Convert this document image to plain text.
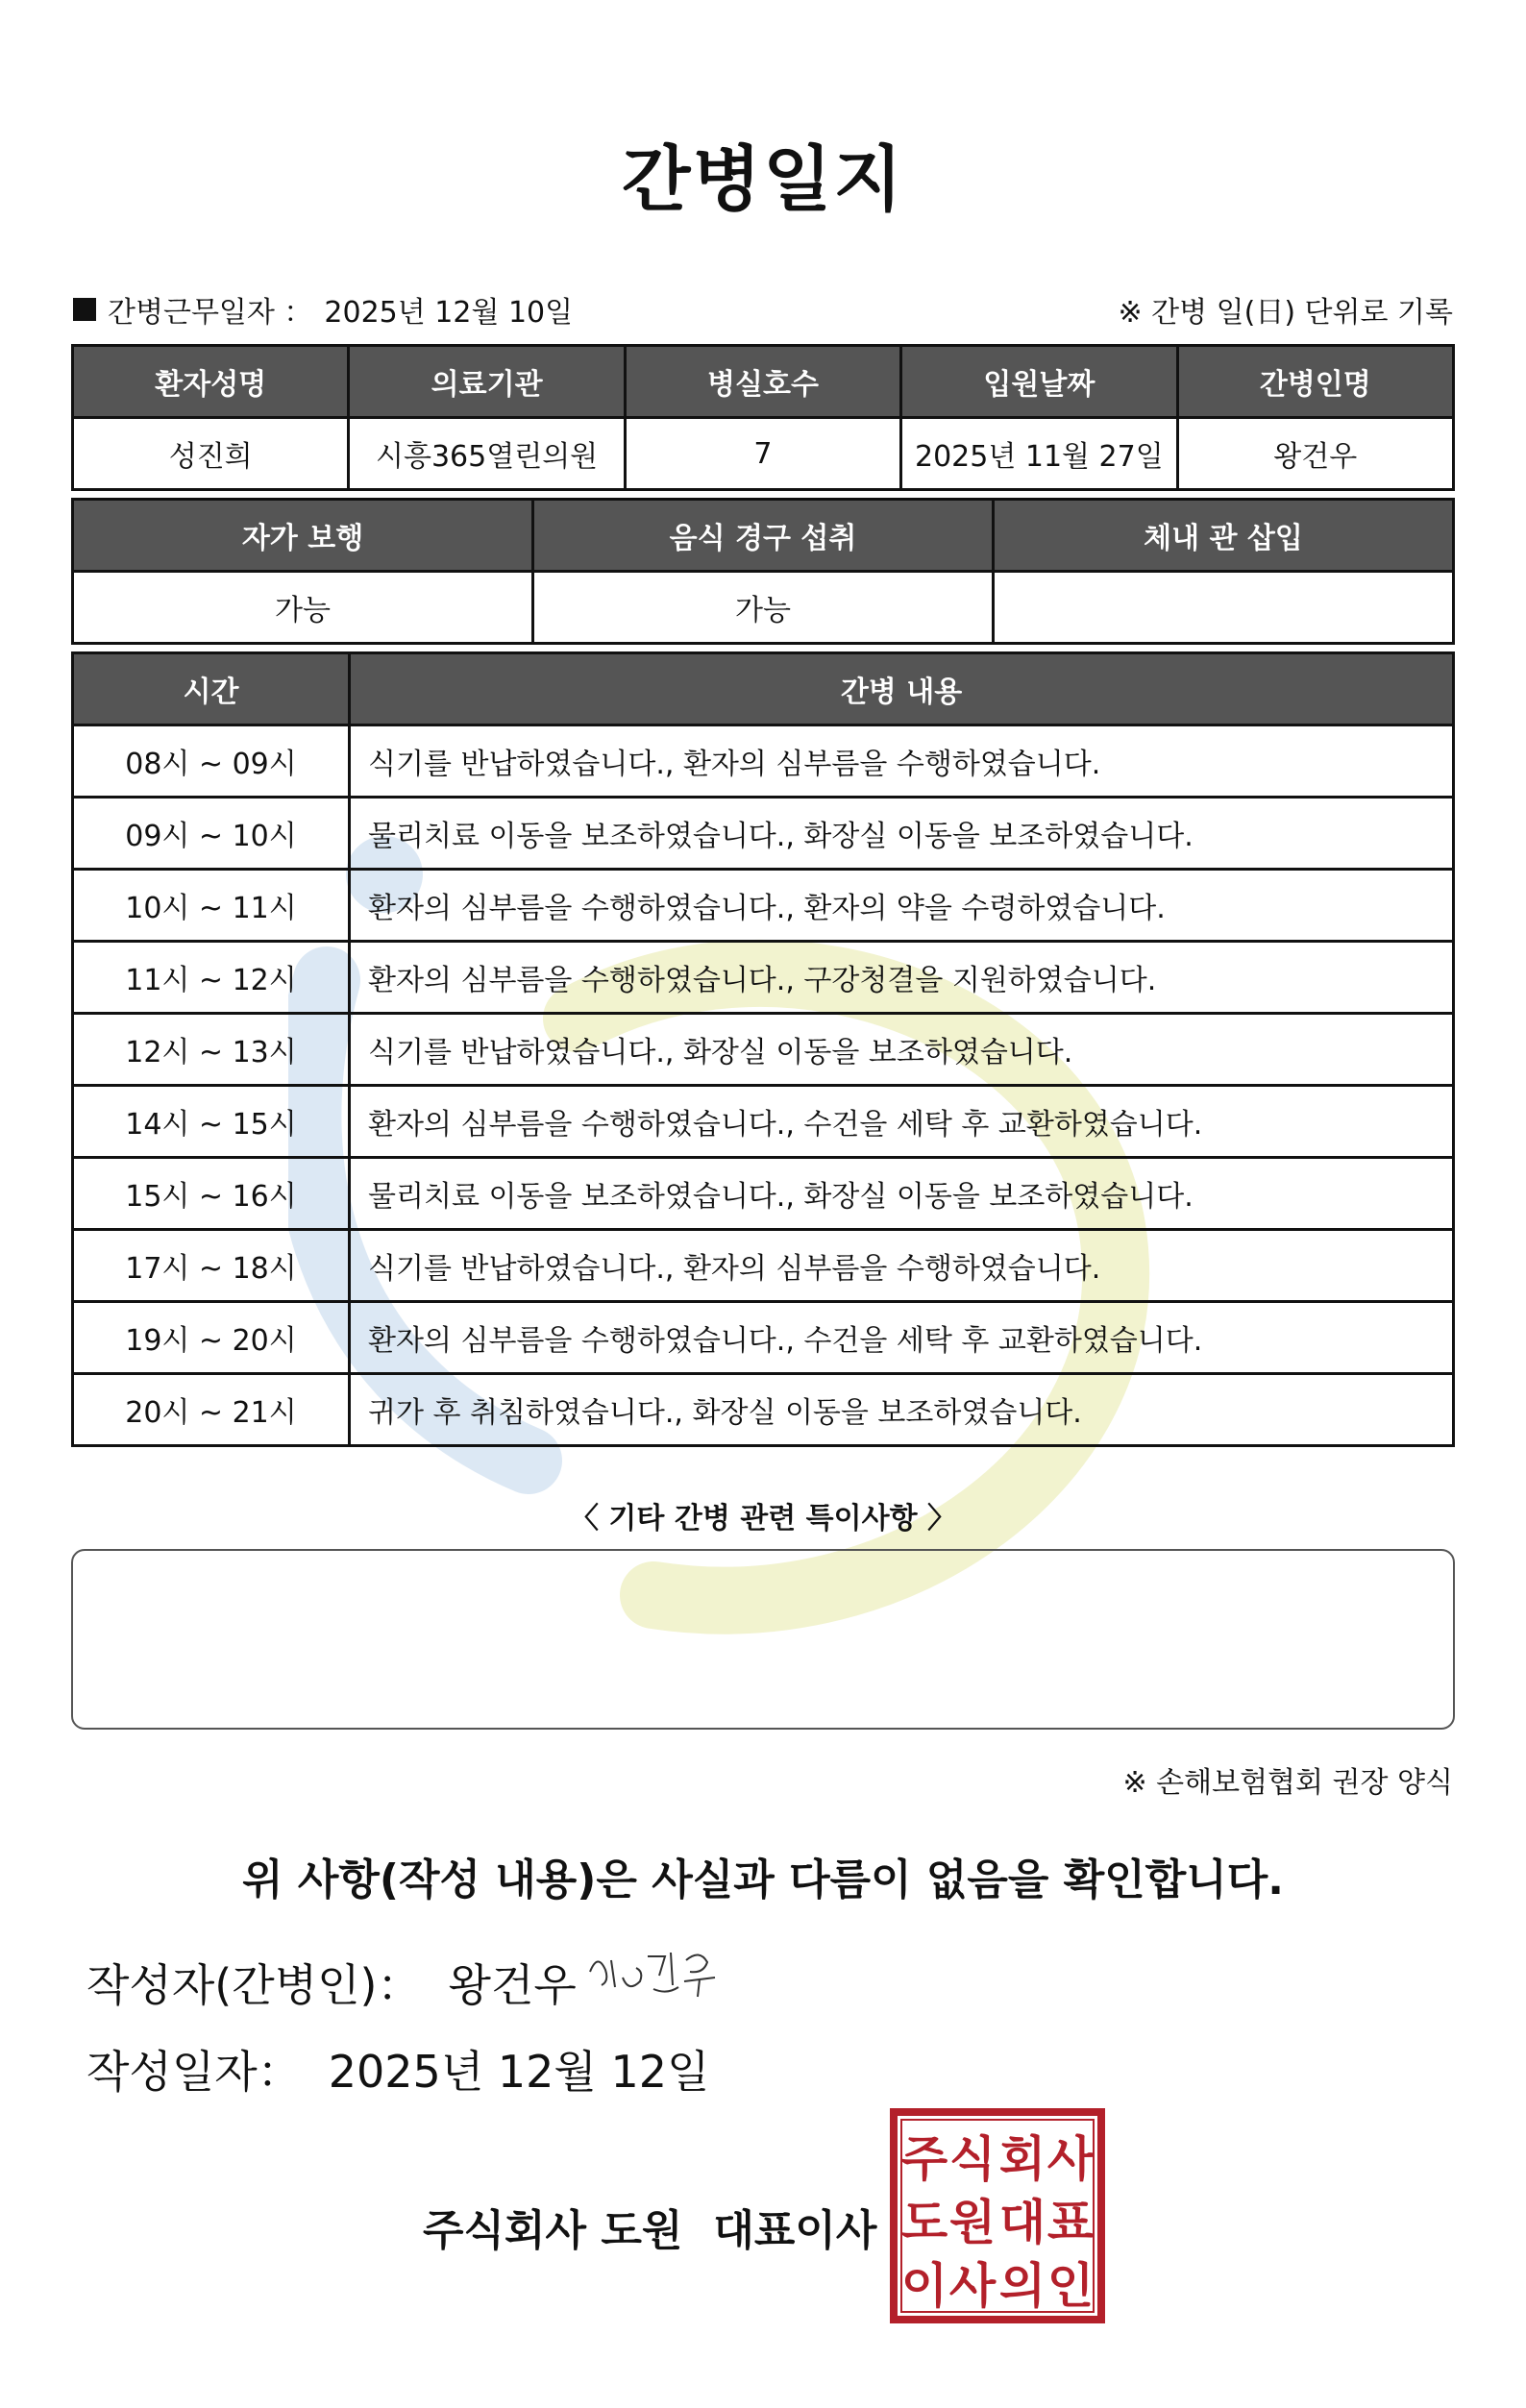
간병일지
간병근무일자 ： 2025년 12월 10일	※ 간병 일(日) 단위로 기록
환자성명	의료기관	병실호수	입원날짜	간병인명
성진희	시흥365열린의원	7	2025년 11월 27일	왕건우
자가 보행	음식 경구 섭취	체내 관 삽입
가능	가능	
시간	간병 내용
08시 ~ 09시	식기를 반납하였습니다., 환자의 심부름을 수행하였습니다.
09시 ~ 10시	물리치료 이동을 보조하였습니다., 화장실 이동을 보조하였습니다.
10시 ~ 11시	환자의 심부름을 수행하였습니다., 환자의 약을 수령하였습니다.
11시 ~ 12시	환자의 심부름을 수행하였습니다., 구강청결을 지원하였습니다.
12시 ~ 13시	식기를 반납하였습니다., 화장실 이동을 보조하였습니다.
14시 ~ 15시	환자의 심부름을 수행하였습니다., 수건을 세탁 후 교환하였습니다.
15시 ~ 16시	물리치료 이동을 보조하였습니다., 화장실 이동을 보조하였습니다.
17시 ~ 18시	식기를 반납하였습니다., 환자의 심부름을 수행하였습니다.
19시 ~ 20시	환자의 심부름을 수행하였습니다., 수건을 세탁 후 교환하였습니다.
20시 ~ 21시	귀가 후 취침하였습니다., 화장실 이동을 보조하였습니다.
〈 기타 간병 관련 특이사항 〉
※ 손해보험협회 권장 양식
위 사항(작성 내용)은 사실과 다름이 없음을 확인합니다.
작성자(간병인)： 왕건우
작성일자： 2025년 12월 12일
주식회사 도원 대표이사
주 식 회 사
도 원 대 표
이 사 의 인
